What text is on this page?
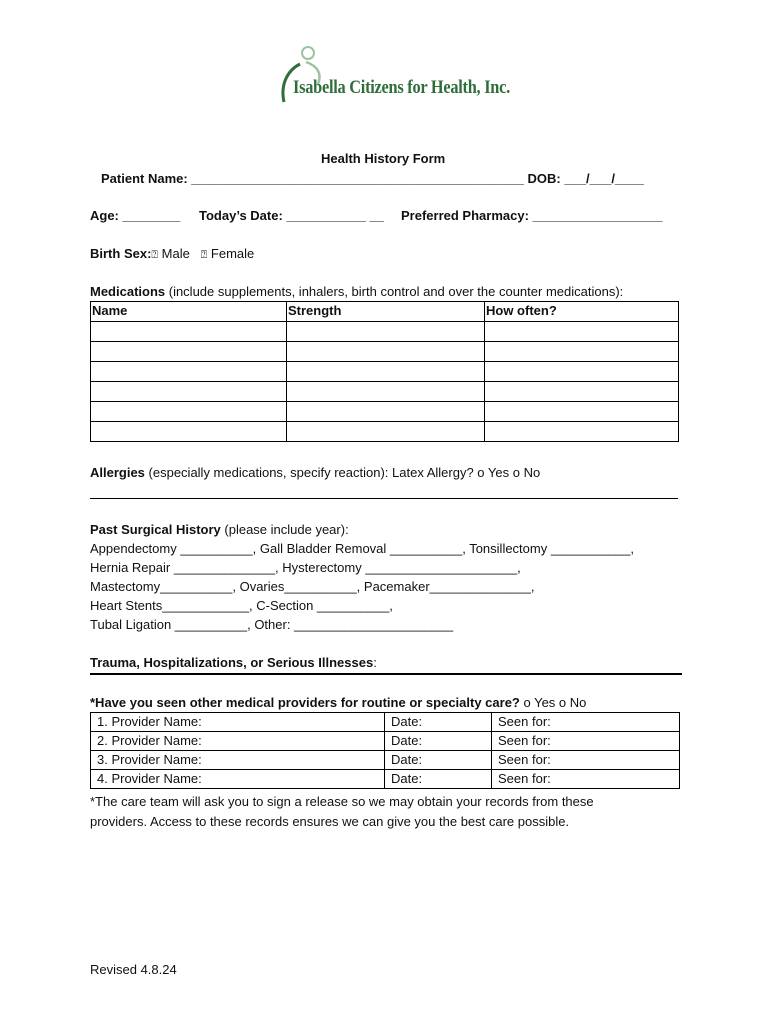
Isabella Citizens for Health, Inc.
Health History Form
Patient Name: ______________________________________________ DOB: ___/___/____
Age: ________ Today’s Date: ___________ __ Preferred Pharmacy: __________________
Birth Sex:⍰ Male ⍰ Female
Medications (include supplements, inhalers, birth control and over the counter medications):
Name	Strength	How often?

Allergies (especially medications, specify reaction): Latex Allergy? o Yes o No
Past Surgical History (please include year):
Appendectomy __________, Gall Bladder Removal __________, Tonsillectomy ___________,
Hernia Repair ______________, Hysterectomy _____________________,
Mastectomy__________, Ovaries__________, Pacemaker______________,
Heart Stents____________, C-Section __________,
Tubal Ligation __________, Other: ______________________
Trauma, Hospitalizations, or Serious Illnesses:
*Have you seen other medical providers for routine or specialty care? o Yes o No
1. Provider Name:	Date:	Seen for:
2. Provider Name:	Date:	Seen for:
3. Provider Name:	Date:	Seen for:
4. Provider Name:	Date:	Seen for:
*The care team will ask you to sign a release so we may obtain your records from these
providers. Access to these records ensures we can give you the best care possible.
Revised 4.8.24
